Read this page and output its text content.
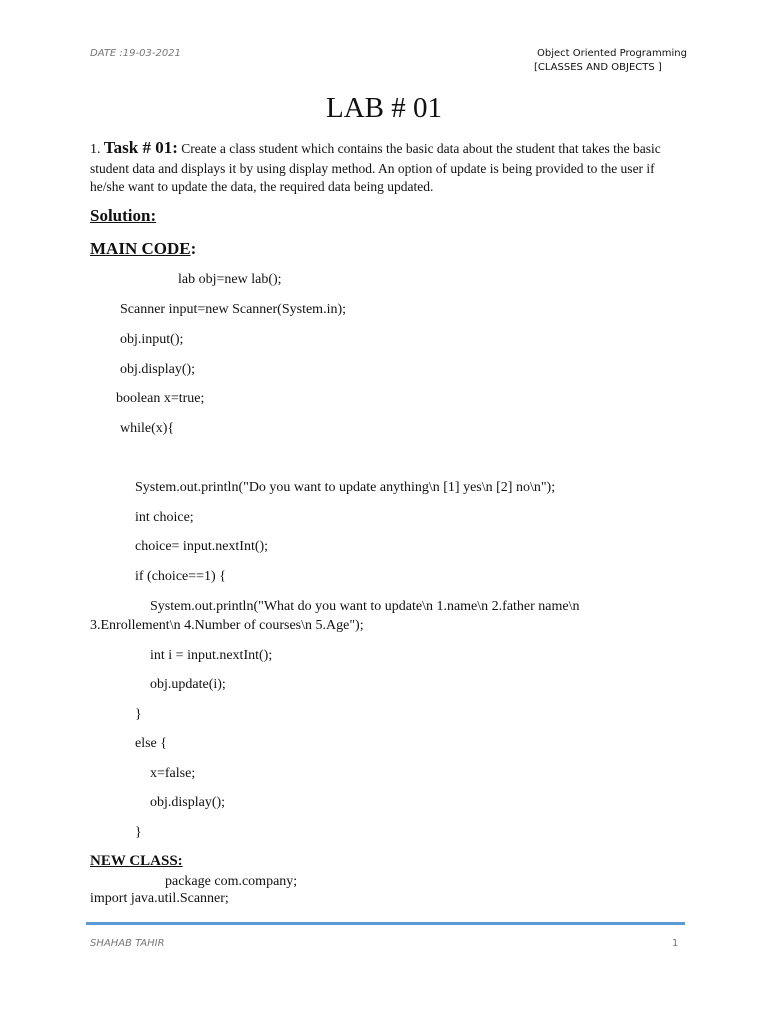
DATE :19-03-2021	Object Oriented Programming
[CLASSES AND OBJECTS ]
LAB # 01
1. Task # 01: Create a class student which contains the basic data about the student that takes the basic student data and displays it by using display method. An option of update is being provided to the user if he/she want to update the data, the required data being updated.
Solution:
MAIN CODE:
lab obj=new lab();
Scanner input=new Scanner(System.in);
obj.input();
obj.display();
boolean x=true;
while(x){
System.out.println("Do you want to update anything\n [1] yes\n [2] no\n");
int choice;
choice= input.nextInt();
if (choice==1) {
System.out.println("What do you want to update\n 1.name\n 2.father name\n
3.Enrollement\n 4.Number of courses\n 5.Age");
int i = input.nextInt();
obj.update(i);
}
else {
x=false;
obj.display();
}
NEW CLASS:
package com.company;
import java.util.Scanner;
SHAHAB TAHIR	1
